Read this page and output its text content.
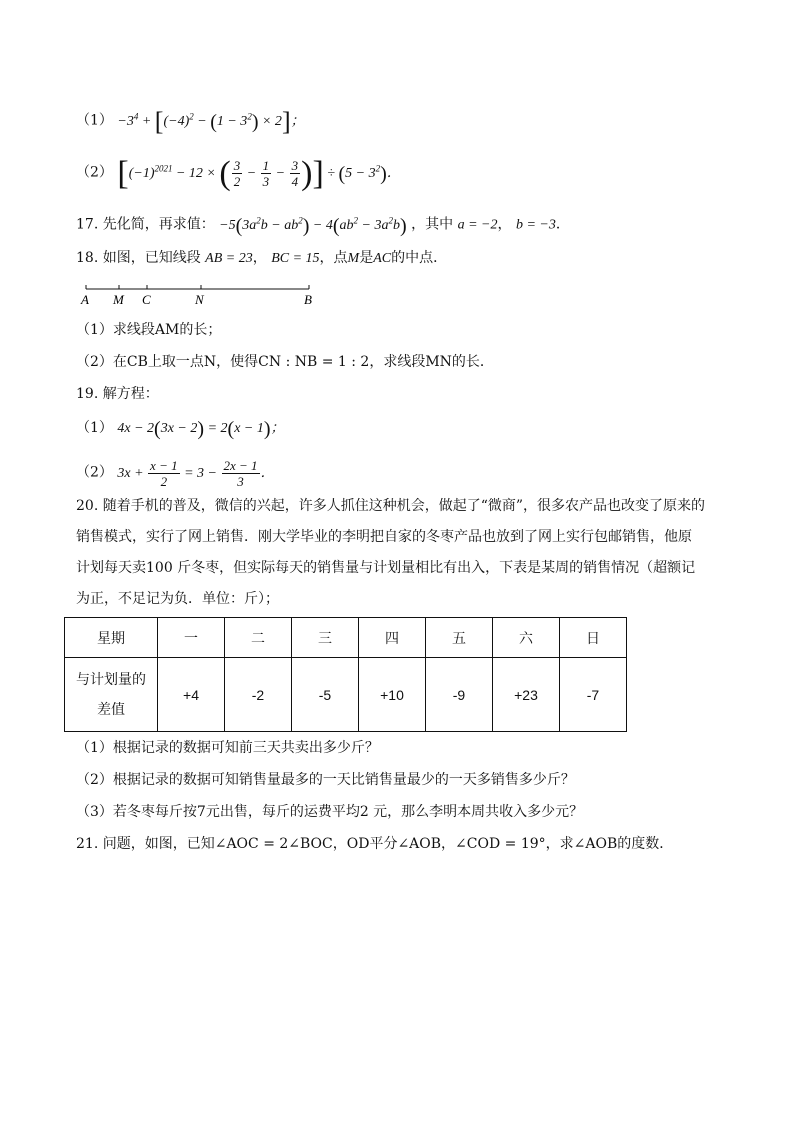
$(1) -3^4 + [(-4)^2 - (1 - 3^2) \times 2]$；
（2） [$(-1)^{2021} - 12$ × ( $\frac{3}{2} - \frac{1}{3} - \frac{3}{4}$ )] ÷ $(5 - 3^2)$．
17. 先化简，再求值： $-5(3a^2b - ab^2) - 4(ab^2 - 3a^2b)$ ，其中 a = −2， b = −3．
18. 如图，已知线段 AB = 23， BC = 15，点M是AC的中点．
A M C	N	B
（1）求线段AM的长；
（2）在CB上取一点N，使得CN : NB = 1 : 2，求线段MN的长．
19. 解方程：
（1） 4x − 2(3x − 2) = 2(x − 1)；
（2） $3x + \frac{x - 1}{2} = 3 - \frac{2x - 1}{3}$ ．
20. 随着手机的普及，微信的兴起，许多人抓住这种机会，做起了“微商”，很多农产品也改变了原来的
销售模式，实行了网上销售．刚大学毕业的李明把自家的冬枣产品也放到了网上实行包邮销售，他原
计划每天卖100 斤冬枣，但实际每天的销售量与计划量相比有出入，下表是某周的销售情况（超额记
为正，不足记为负．单位：斤）；
星期	一	二	三	四	五	六	日
与计划量的
差值	+4	-2	-5	+10	-9	+23	-7
（1）根据记录的数据可知前三天共卖出多少斤？
（2）根据记录的数据可知销售量最多的一天比销售量最少的一天多销售多少斤？
（3）若冬枣每斤按7元出售，每斤的运费平均2 元，那么李明本周共收入多少元？
21. 问题，如图，已知∠AOC = 2∠BOC，OD平分∠AOB，∠COD = 19°，求∠AOB的度数．
